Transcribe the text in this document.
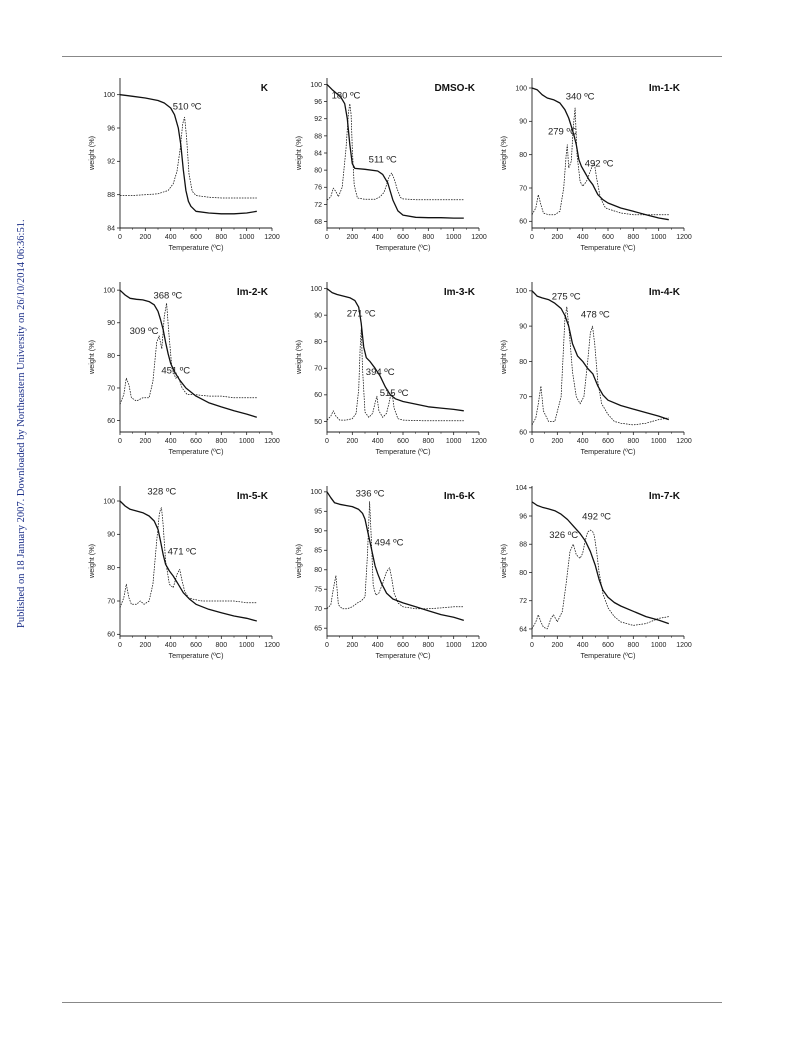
Published on 18 January 2007. Downloaded by Northeastern University on 26/10/2014 06:36:51.	0	200 400 600 800 1000 1200
84
88
92
96
100
Temperature (ºC)
weight (%)
K
510 ºC
0	200 400 600 800 1000 1200
68
72
76
80
84
88
92
96
100
Temperature (ºC)
weight (%)
DMSO-K
180 ºC
511 ºC
0	200 400 600 800 1000 1200
60
70
80
90
100
Temperature (ºC)
weight (%)
Im-1-K
340 ºC
279 ºC
492 ºC
0	200 400 600 800 1000 1200
60
70
80
90
100
Temperature (ºC)
weight (%)
Im-2-K
368 ºC
309 ºC
451 ºC
0	200 400 600 800 1000 1200
50
60
70
80
90
100
Temperature (ºC)
weight (%)
Im-3-K
271 ºC
394 ºC
515 ºC
0	200 400 600 800 1000 1200
60
70
80
90
100
Temperature (ºC)
weight (%)
Im-4-K
275 ºC
478 ºC
0	200 400 600 800 1000 1200
60
70
80
90
100
Temperature (ºC)
weight (%)
Im-5-K
328 ºC
471 ºC
0	200 400 600 800 1000 1200
65
70
75
80
85
90
95
100
Temperature (ºC)
weight (%)
Im-6-K
336 ºC
494 ºC
0	200 400 600 800 1000 1200
64
72
80
88
96
104
Temperature (ºC)
weight (%)
Im-7-K
492 ºC
326 ºC
